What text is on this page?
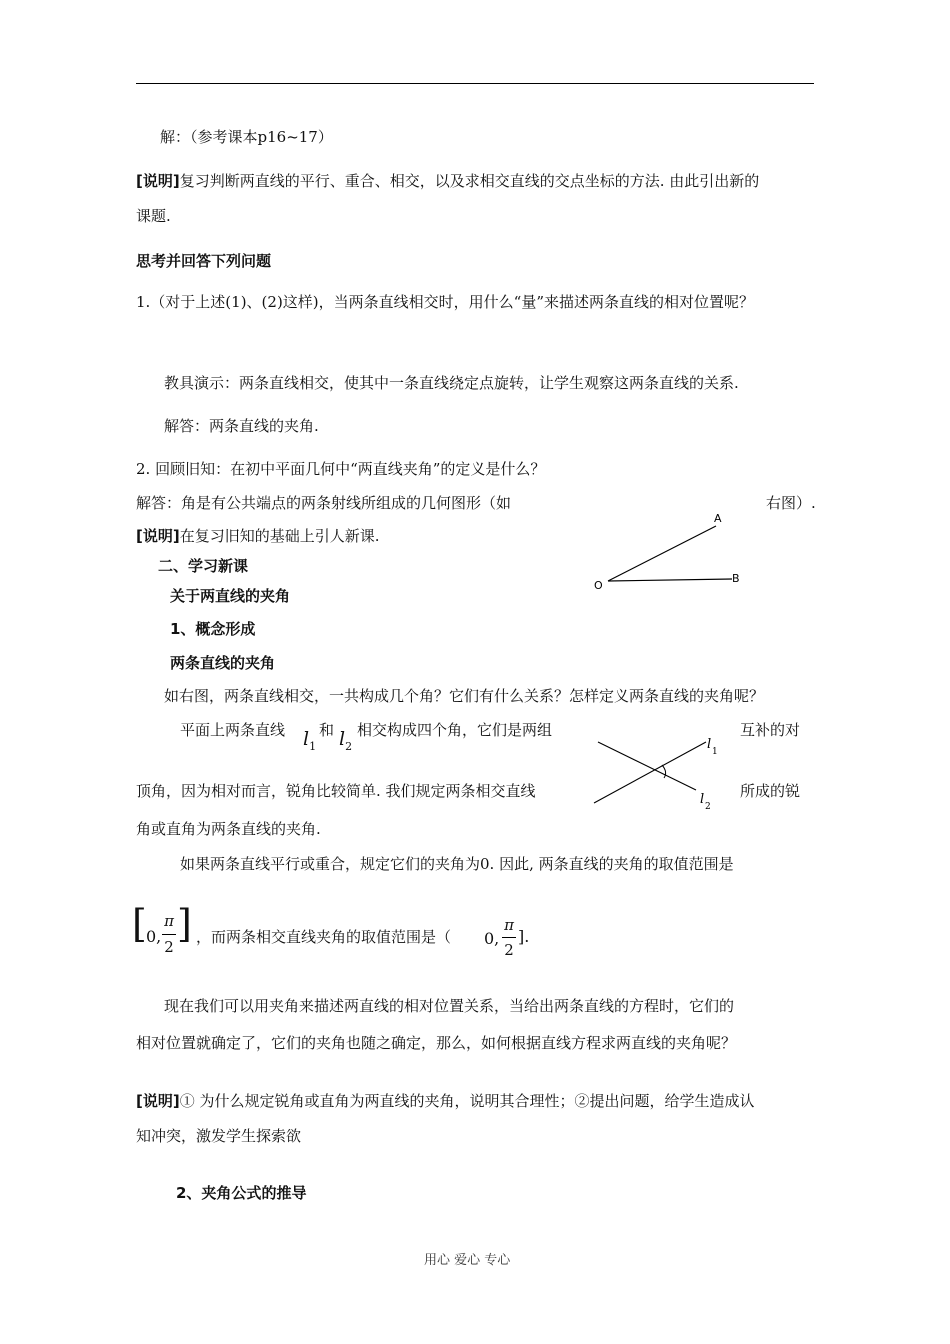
解：（参考课本p16~17）
[说明]复习判断两直线的平行、重合、相交，以及求相交直线的交点坐标的方法. 由此引出新的
课题.
思考并回答下列问题
1.（对于上述(1)、(2)这样)，当两条直线相交时，用什么“量”来描述两条直线的相对位置呢？
教具演示：两条直线相交，使其中一条直线绕定点旋转，让学生观察这两条直线的关系.
解答：两条直线的夹角.
2. 回顾旧知：在初中平面几何中“两直线夹角”的定义是什么？
解答：角是有公共端点的两条射线所组成的几何图形（如	右图）.
[说明]在复习旧知的基础上引人新课.
二、学习新课
关于两直线的夹角
1、概念形成
两条直线的夹角
O
A
B
如右图，两条直线相交，一共构成几个角？它们有什么关系？怎样定义两条直线的夹角呢？
平面上两条直线 $l_1$
和 $l_2$
相交构成四个角，它们是两组	互补的对
l 1
l 2
顶角，因为相对而言，锐角比较简单. 我们规定两条相交直线	所成的锐
角或直角为两条直线的夹角.
如果两条直线平行或重合，规定它们的夹角为0. 因此, 两条直线的夹角的取值范围是
[ 0,
π
2
] ，而两条相交直线夹角的取值范围是（ 0,
π
2
].
现在我们可以用夹角来描述两直线的相对位置关系，当给出两条直线的方程时，它们的
相对位置就确定了，它们的夹角也随之确定，那么，如何根据直线方程求两直线的夹角呢？
[说明]① 为什么规定锐角或直角为两直线的夹角，说明其合理性；②提出问题，给学生造成认
知冲突，激发学生探索欲
2、夹角公式的推导
用心 爱心 专心
